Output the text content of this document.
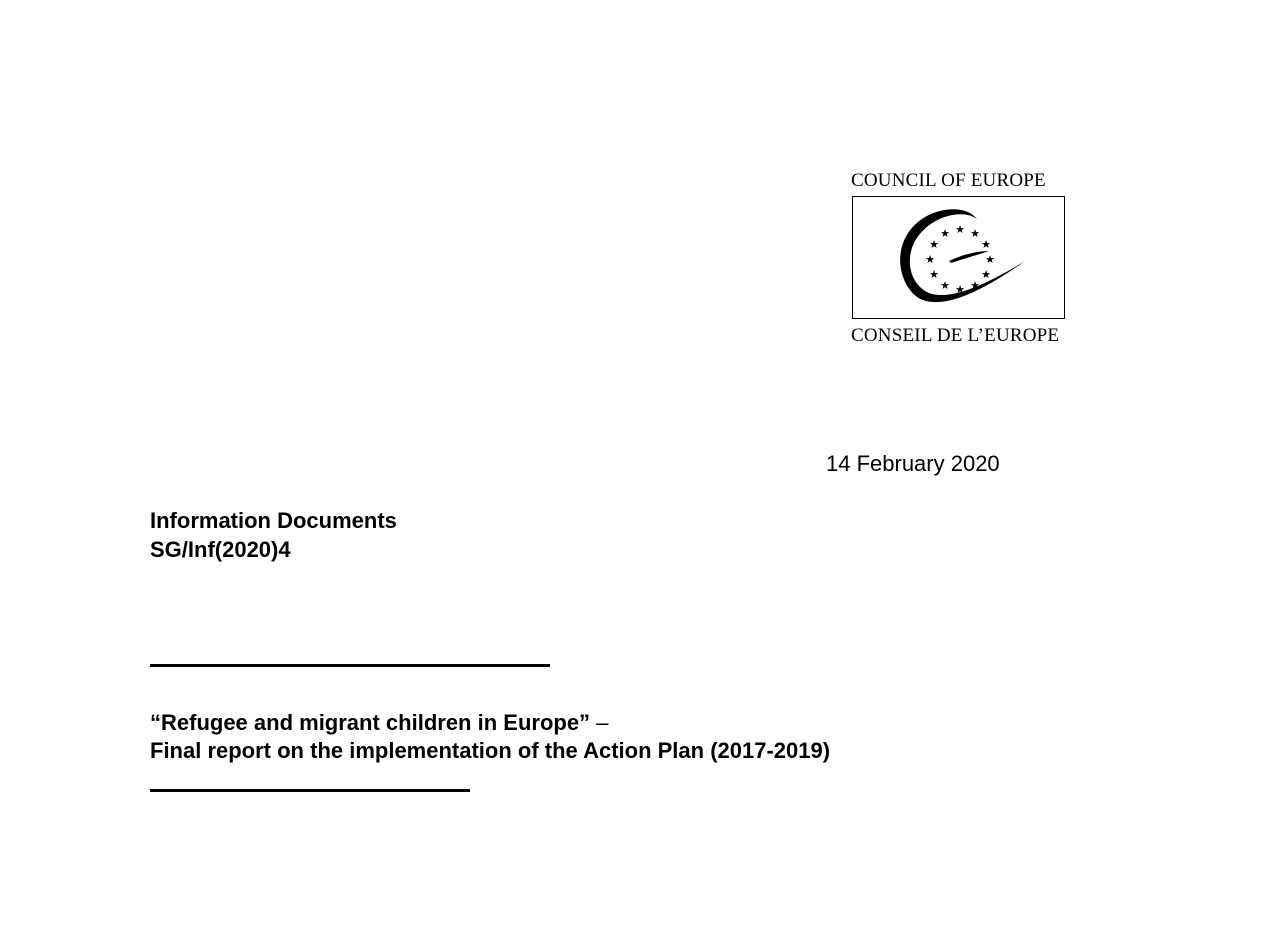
COUNCIL OF EUROPE
★ ★
★
★
★
★
★
★
★
★
★
★
CONSEIL DE L’EUROPE
14 February 2020
Information Documents
SG/Inf(2020)4
“Refugee and migrant children in Europe” –
Final report on the implementation of the Action Plan (2017-2019)
